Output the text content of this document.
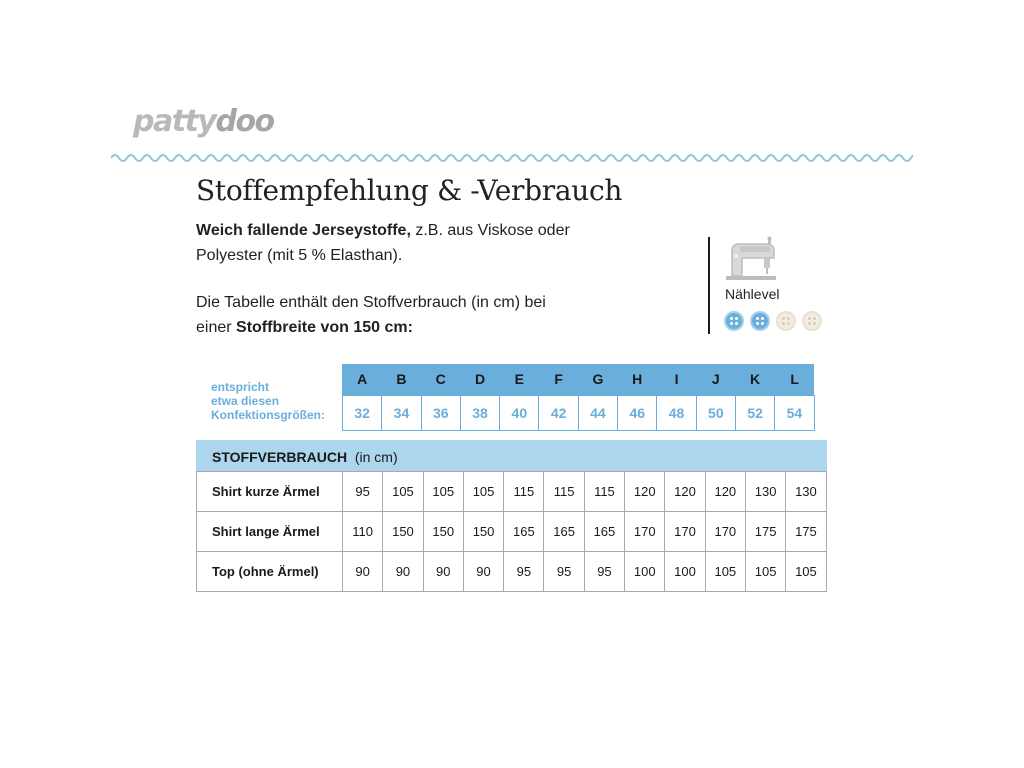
pattydoo
Stoffempfehlung & -Verbrauch
Weich fallende Jerseystoffe, z.B. aus Viskose oder
Polyester (mit 5 % Elasthan).
Die Tabelle enthält den Stoffverbrauch (in cm) bei
einer Stoffbreite von 150 cm:
Nählevel
entspricht
etwa diesen
Konfektionsgrößen:
A	B	C	D	E	F	G	H	I	J	K	L
32	34	36	38	40	42	44	46	48	50	52	54
STOFFVERBRAUCH (in cm)
Shirt kurze Ärmel	95	105	105	105	115	115	115	120	120	120	130	130
Shirt lange Ärmel	110	150	150	150	165	165	165	170	170	170	175	175
Top (ohne Ärmel)	90	90	90	90	95	95	95	100	100	105	105	105
